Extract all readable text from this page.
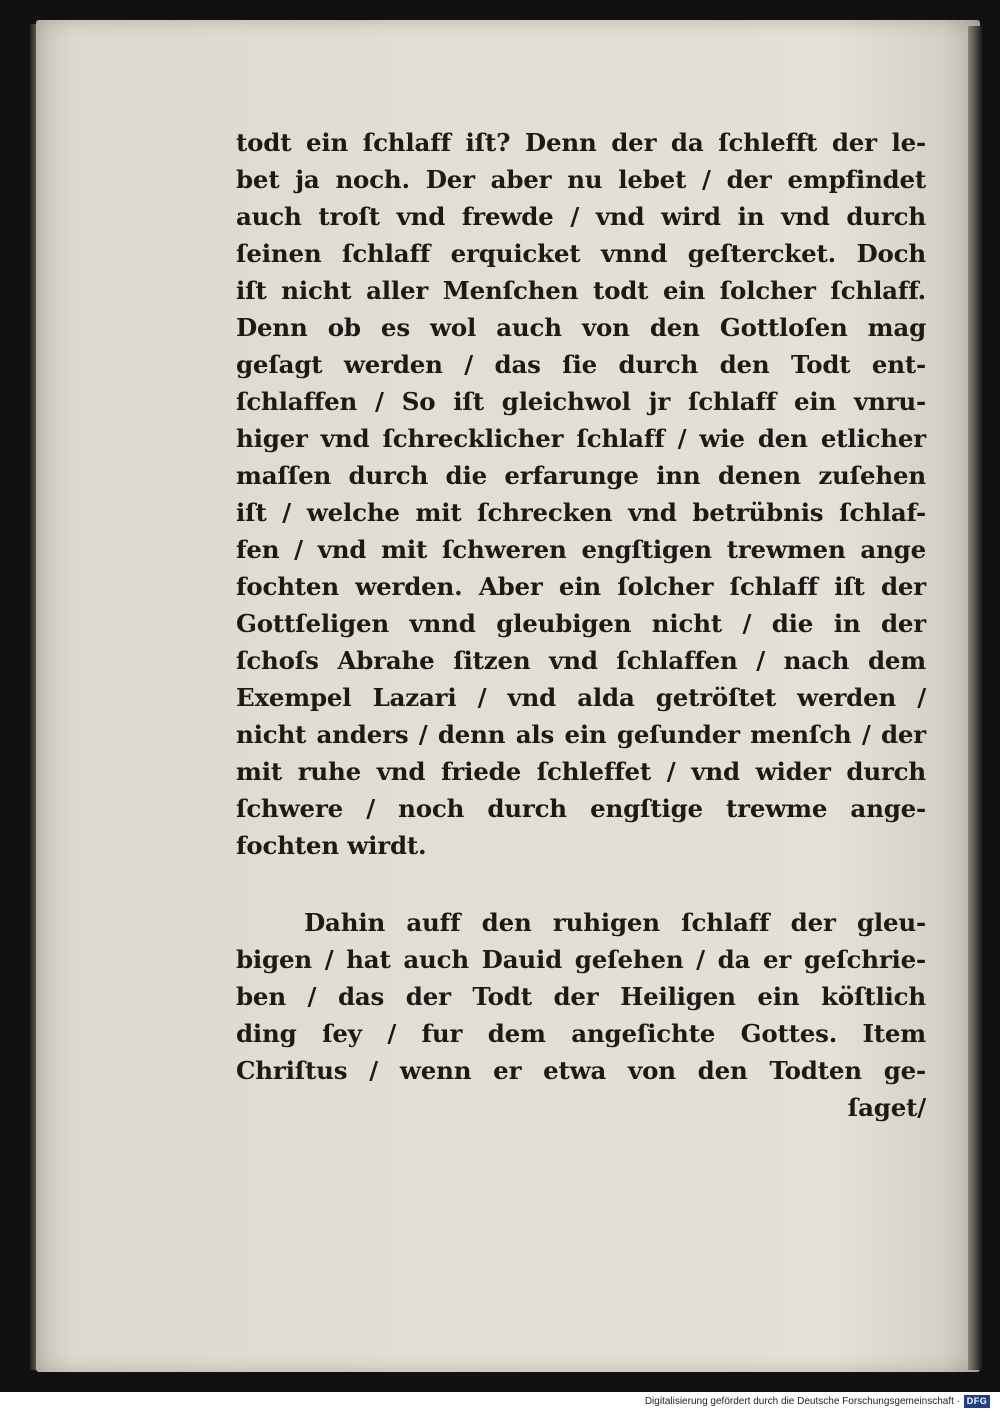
todt ein ſchlaff iſt? Denn der da ſchlefft der le-
bet ja noch. Der aber nu lebet / der empfindet
auch troſt vnd frewde / vnd wird in vnd durch
ſeinen ſchlaff erquicket vnnd geſtercket. Doch
iſt nicht aller Menſchen todt ein ſolcher ſchlaff.
Denn ob es wol auch von den Gottloſen mag
geſagt werden / das ſie durch den Todt ent-
ſchlaffen / So iſt gleichwol jr ſchlaff ein vnru-
higer vnd ſchrecklicher ſchlaff / wie den etlicher
maſſen durch die erfarunge inn denen zuſehen
iſt / welche mit ſchrecken vnd betrübnis ſchlaf-
fen / vnd mit ſchweren engſtigen trewmen ange
fochten werden. Aber ein ſolcher ſchlaff iſt der
Gottſeligen vnnd gleubigen nicht / die in der
ſchoſs Abrahe ſitzen vnd ſchlaffen / nach dem
Exempel Lazari / vnd alda getröſtet werden /
nicht anders / denn als ein geſunder menſch / der
mit ruhe vnd friede ſchleffet / vnd wider durch
ſchwere / noch durch engſtige trewme ange-
fochten wirdt.
Dahin auff den ruhigen ſchlaff der gleu-
bigen / hat auch Dauid geſehen / da er geſchrie-
ben / das der Todt der Heiligen ein köſtlich
ding ſey / fur dem angeſichte Gottes. Item
Chriſtus / wenn er etwa von den Todten ge-
ſaget/
Digitalisierung gefördert durch die Deutsche Forschungsgemeinschaft · DFG
